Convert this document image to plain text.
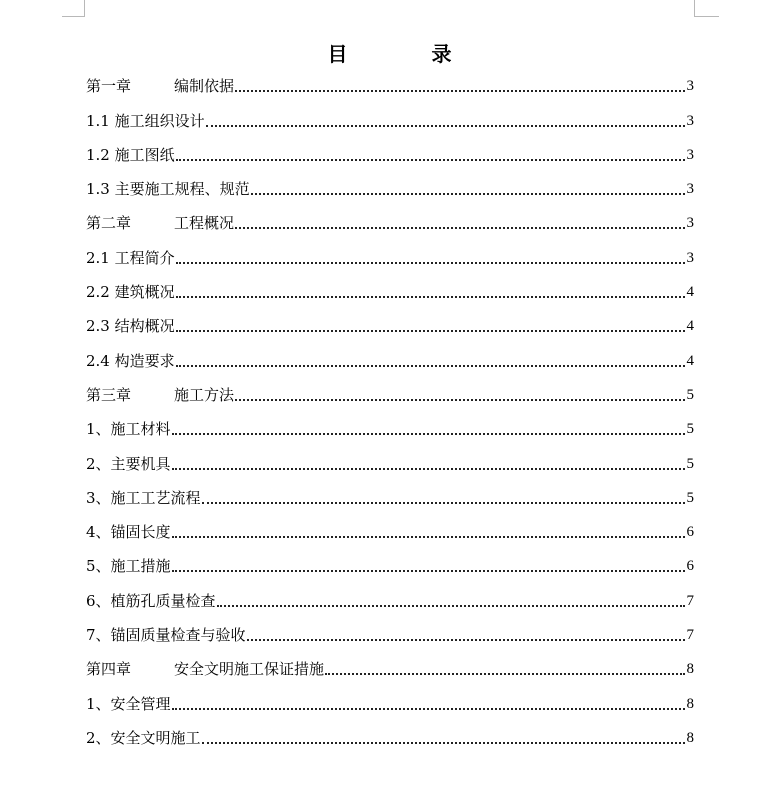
目　录
第一章	编制依据	3
1.1 施工组织设计	3
1.2 施工图纸	3
1.3 主要施工规程、规范	3
第二章	工程概况	3
2.1 工程简介	3
2.2 建筑概况	4
2.3 结构概况	4
2.4 构造要求	4
第三章	施工方法	5
1、施工材料	5
2、主要机具	5
3、施工工艺流程	5
4、锚固长度	6
5、施工措施	6
6、植筋孔质量检查	7
7、锚固质量检查与验收	7
第四章	安全文明施工保证措施	8
1、安全管理	8
2、安全文明施工	8
